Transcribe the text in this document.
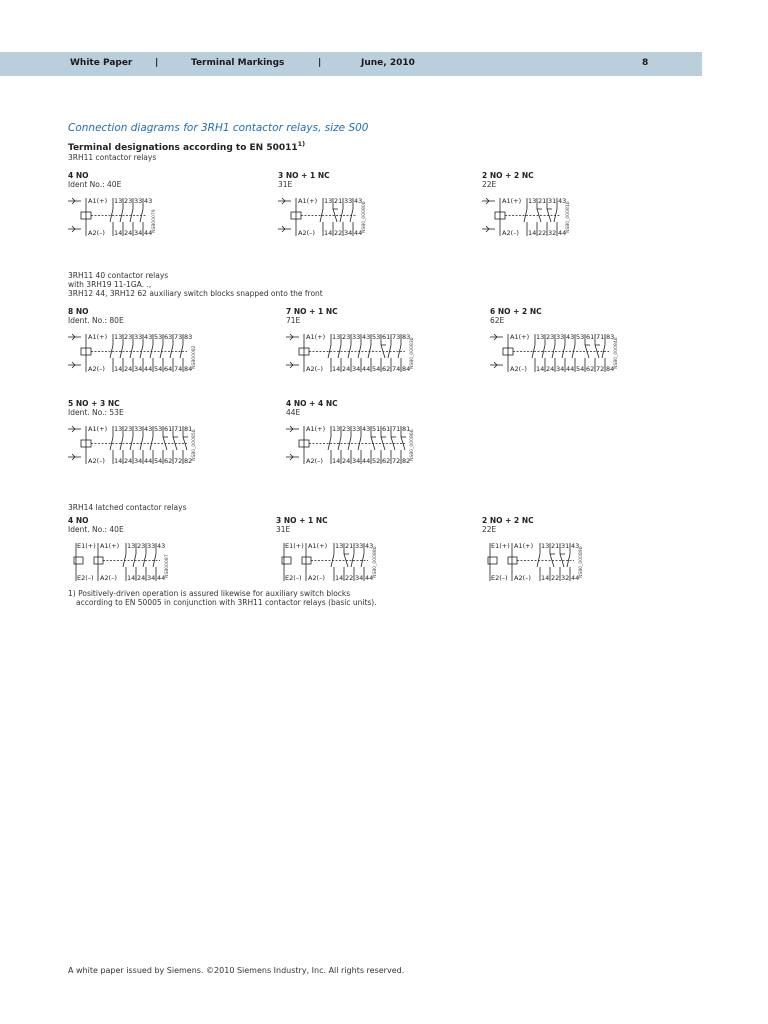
White Paper	|	Terminal Markings	|	June, 2010	8
Connection diagrams for 3RH1 contactor relays, size S00
Terminal designations according to EN 50011$^{1)}$
3RH11 contactor relays
3RH11 40 contactor relays
with 3RH19 11-1GA. .,
3RH12 44, 3RH12 62 auxiliary switch blocks snapped onto the front
3RH14 latched contactor relays
4 NO
Ident No.: 40E
A1(+)
A2(–)
13
14
23
24
33
34
43
44 NSB00079
3 NO + 1 NC
31E
A1(+)
A2(–)
13
14
21
22
33
34
43
44 NSB0_00080b
2 NO + 2 NC
22E
A1(+)
A2(–)
13
14
21
22
31
32
43
44 NSB0_00081b
8 NO
Ident. No.: 80E
A1(+)
A2(–)
13
14
23
24
33
34
43
44
53
54
63
64
73
74
83
84 NSB00082
7 NO + 1 NC
71E
A1(+)
A2(–)
13
14
23
24
33
34
43
44
53
54
61
62
73
74
83
84 NSB0_00083b
6 NO + 2 NC
62E
A1(+)
A2(–)
13
14
23
24
33
34
43
44
53
54
61
62
71
72
83
84 NSB0_00084b
5 NO + 3 NC
Ident. No.: 53E
A1(+)
A2(–)
13
14
23
24
33
34
43
44
53
54
61
62
71
72
81
82 NSB0_00085b
4 NO + 4 NC
44E
A1(+)
A2(–)
13
14
23
24
33
34
43
44
51
52
61
62
71
72
81
82 NSB0_00086b
4 NO
Ident. No.: 40E
E1(+)
E2(–)
A1(+)
A2(–)
13
14
23
24
33
34
43
44 NSB00087
3 NO + 1 NC
31E
E1(+)
E2(–)
A1(+)
A2(–)
13
14
21
22
33
34
43
44 NSB0_00088b
2 NO + 2 NC
22E
E1(+)
E2(–)
A1(+)
A2(–)
13
14
21
22
31
32
43
44 NSB0_00089b
1) Positively-driven operation is assured likewise for auxiliary switch blocks
according to EN 50005 in conjunction with 3RH11 contactor relays (basic units).
A white paper issued by Siemens. ©2010 Siemens Industry, Inc. All rights reserved.
